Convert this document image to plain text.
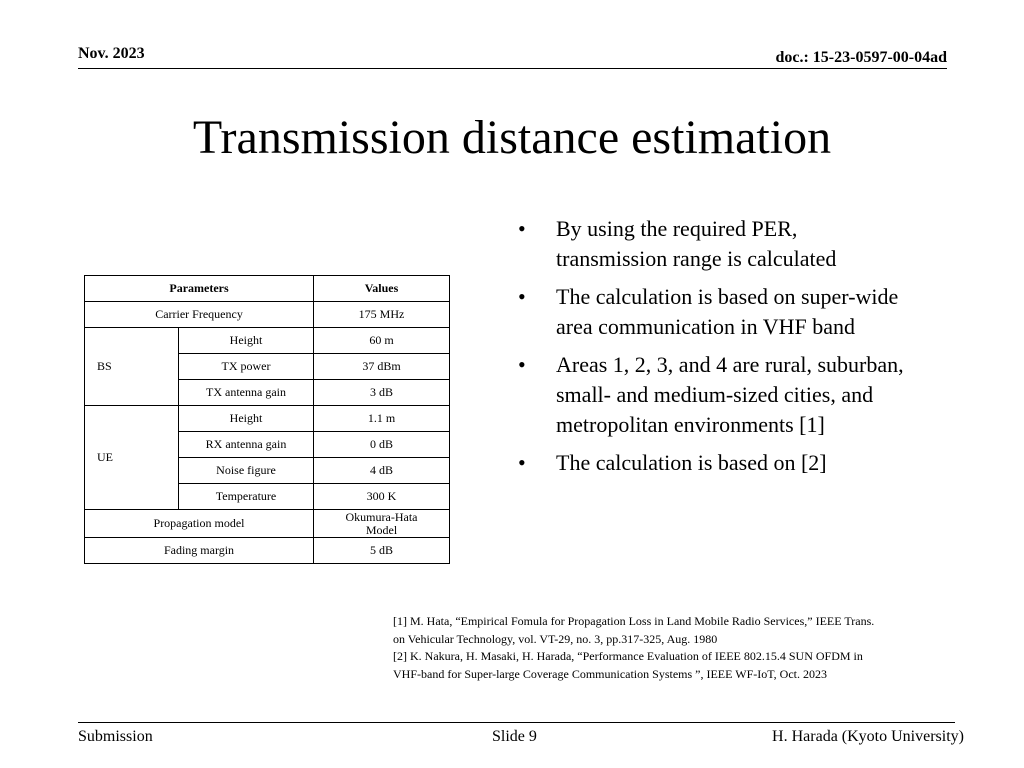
Nov. 2023	doc.: 15-23-0597-00-04ad
Transmission distance estimation
Parameters		Values
Carrier Frequency		175 MHz
BS	Height	60 m
	TX power	37 dBm
	TX antenna gain	3 dB
UE	Height	1.1 m
	RX antenna gain	0 dB
	Noise figure	4 dB
	Temperature	300 K
Propagation model		Okumura-Hata
Model

Fading margin		5 dB
• By using the required PER,
transmission range is calculated
• The calculation is based on super-wide
area communication in VHF band
• Areas 1, 2, 3, and 4 are rural, suburban,
small- and medium-sized cities, and
metropolitan environments [1]
• The calculation is based on [2]
[1] M. Hata, “Empirical Fomula for Propagation Loss in Land Mobile Radio Services,” IEEE Trans.
on Vehicular Technology, vol. VT-29, no. 3, pp.317-325, Aug. 1980
[2] K. Nakura, H. Masaki, H. Harada, “Performance Evaluation of IEEE 802.15.4 SUN OFDM in
VHF-band for Super-large Coverage Communication Systems ”, IEEE WF-IoT, Oct. 2023
Submission	Slide 9	H. Harada (Kyoto University)
